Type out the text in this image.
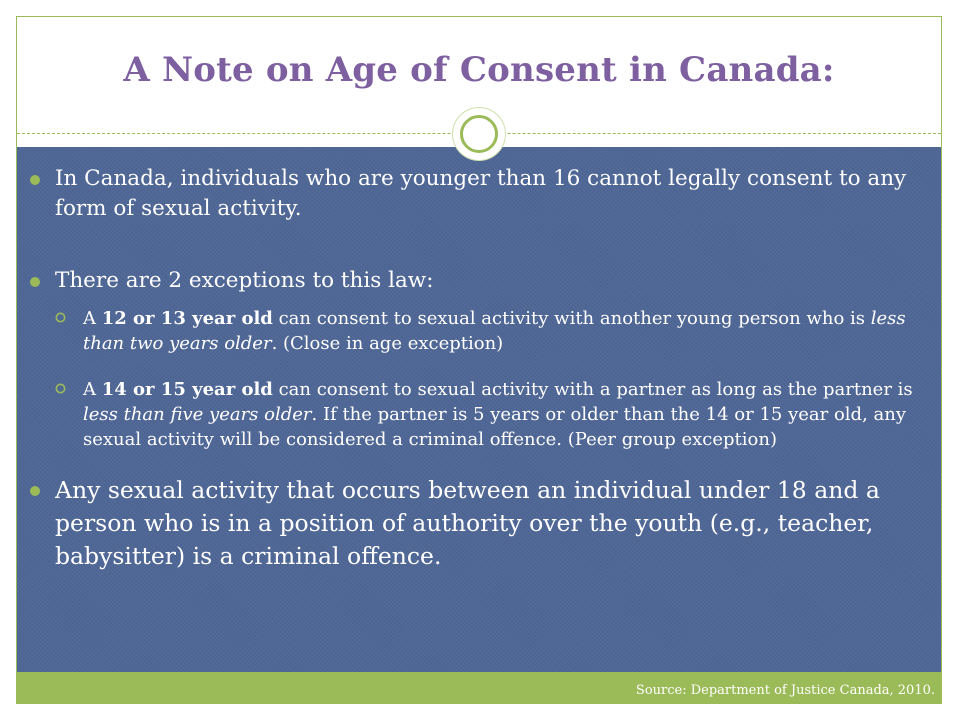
A Note on Age of Consent in Canada:
In Canada, individuals who are younger than 16 cannot legally consent to any form of sexual activity.
There are 2 exceptions to this law:
A 12 or 13 year old can consent to sexual activity with another young person who is less than two years older. (Close in age exception)
A 14 or 15 year old can consent to sexual activity with a partner as long as the partner is less than five years older. If the partner is 5 years or older than the 14 or 15 year old, any sexual activity will be considered a criminal offence. (Peer group exception)
Any sexual activity that occurs between an individual under 18 and a person who is in a position of authority over the youth (e.g., teacher, babysitter) is a criminal offence.
Source: Department of Justice Canada, 2010.
